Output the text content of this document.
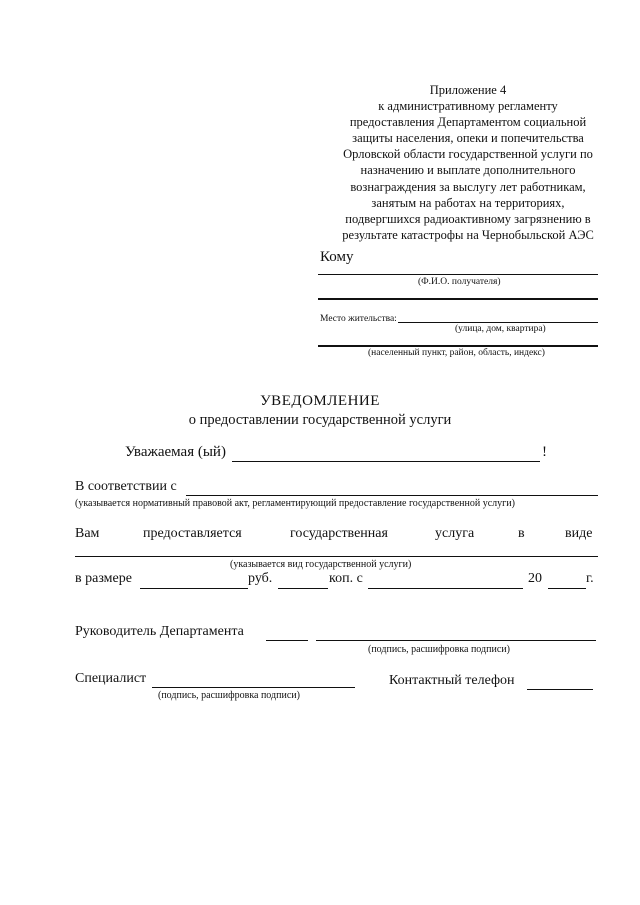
Приложение 4
к административному регламенту
предоставления Департаментом социальной
защиты населения, опеки и попечительства
Орловской области государственной услуги по
назначению и выплате дополнительного
вознаграждения за выслугу лет работникам,
занятым на работах на территориях,
подвергшихся радиоактивному загрязнению в
результате катастрофы на Чернобыльской АЭС
Кому
(Ф.И.О. получателя)
Место жительства:
(улица, дом, квартира)
(населенный пункт, район, область, индекс)
УВЕДОМЛЕНИЕ
о предоставлении государственной услуги
Уважаемая (ый)	!
В соответствии с
(указывается нормативный правовой акт, регламентирующий предоставление государственной услуги)
Вам	предоставляется	государственная	услуга	в	виде
(указывается вид государственной услуги)
в размере	руб.	коп. с	20	г.
Руководитель Департамента
(подпись, расшифровка подписи)
Специалист
(подпись, расшифровка подписи)
Контактный телефон
